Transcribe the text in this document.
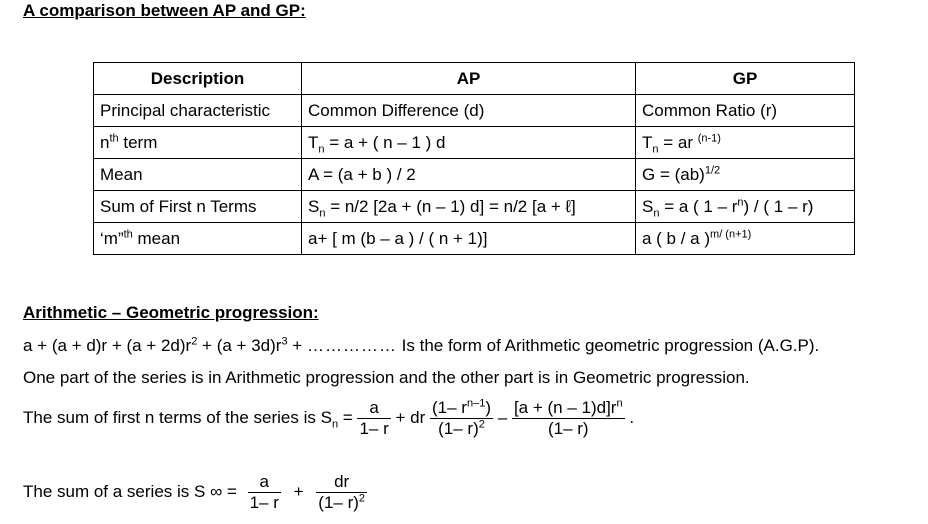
A comparison between AP and GP:
Description	AP	GP
Principal characteristic	Common Difference (d)	Common Ratio (r)
$n^{th}$ term	$T_n = a$ + ( n – 1 ) d	$T_n$ = ar $^{(n-1)}$
Mean	A = (a + b ) / 2	G = (ab)$^{1/2}$
Sum of First n Terms	$S_n = n/2$ [2a + (n – 1) d] = n/2 [a + ℓ]	$S_n = a$ ( $1 - r^n$) / ( 1 – r)
‘m”$^{th}$ mean	a+ [ m (b – a ) / ( n + 1)]	a ( b / a )$^{m/ (n+1)}$
Arithmetic – Geometric progression:
$a + (a + d)r + (a + 2d)r^2 + (a + 3d)r^3$ + …………… Is the form of Arithmetic geometric progression (A.G.P).
One part of the series is in Arithmetic progression and the other part is in Geometric progression.
The sum of first n terms of the series is $S_n = \frac{a}{1- r}$ + dr $\frac{(1- r^{n-1})}{(1- r)^2} - \frac{[a + (n - 1)d]r^n}{(1- r)}$ .
The sum of a series is S ∞ = $\frac{a}{1- r} + \frac{dr}{(1- r)^2}$
